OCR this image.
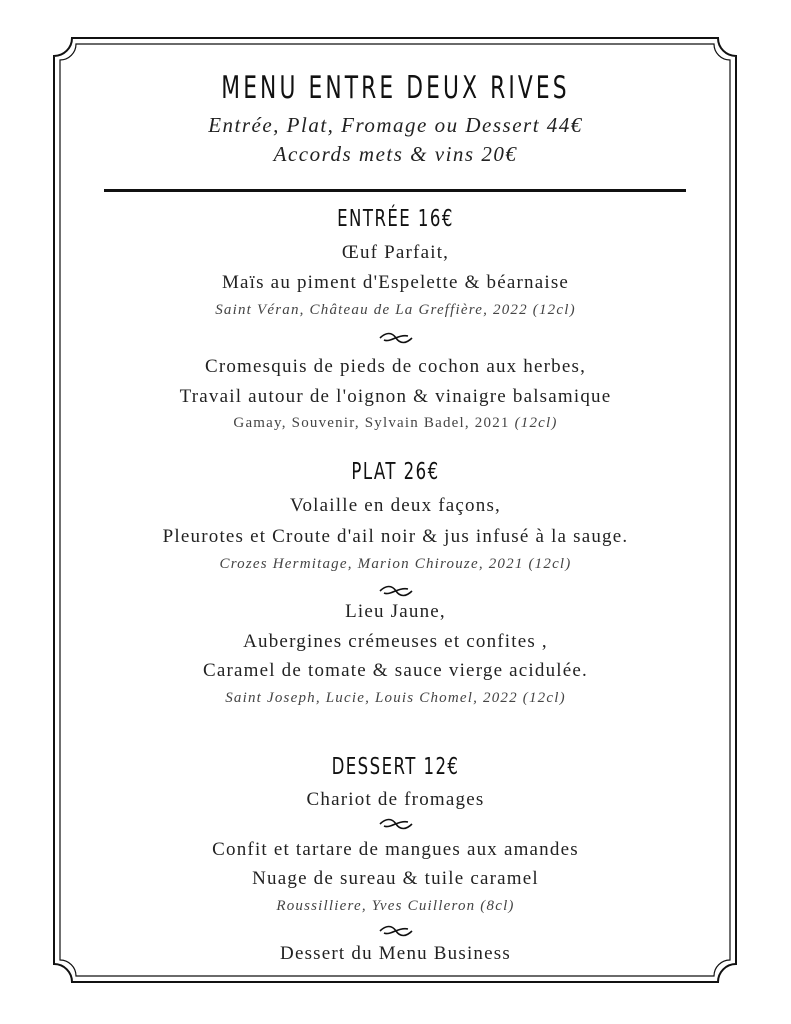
MENU ENTRE DEUX RIVES
Entrée, Plat, Fromage ou Dessert 44€
Accords mets & vins 20€
ENTRÉE 16€
Œuf Parfait,
Maïs au piment d'Espelette & béarnaise
Saint Véran, Château de La Greffière, 2022 (12cl)
Cromesquis de pieds de cochon aux herbes,
Travail autour de l'oignon & vinaigre balsamique
Gamay, Souvenir, Sylvain Badel, 2021 (12cl)
PLAT 26€
Volaille en deux façons,
Pleurotes et Croute d'ail noir & jus infusé à la sauge.
Crozes Hermitage, Marion Chirouze, 2021 (12cl)
Lieu Jaune,
Aubergines crémeuses et confites ,
Caramel de tomate & sauce vierge acidulée.
Saint Joseph, Lucie, Louis Chomel, 2022 (12cl)
DESSERT 12€
Chariot de fromages
Confit et tartare de mangues aux amandes
Nuage de sureau & tuile caramel
Roussilliere, Yves Cuilleron (8cl)
Dessert du Menu Business
